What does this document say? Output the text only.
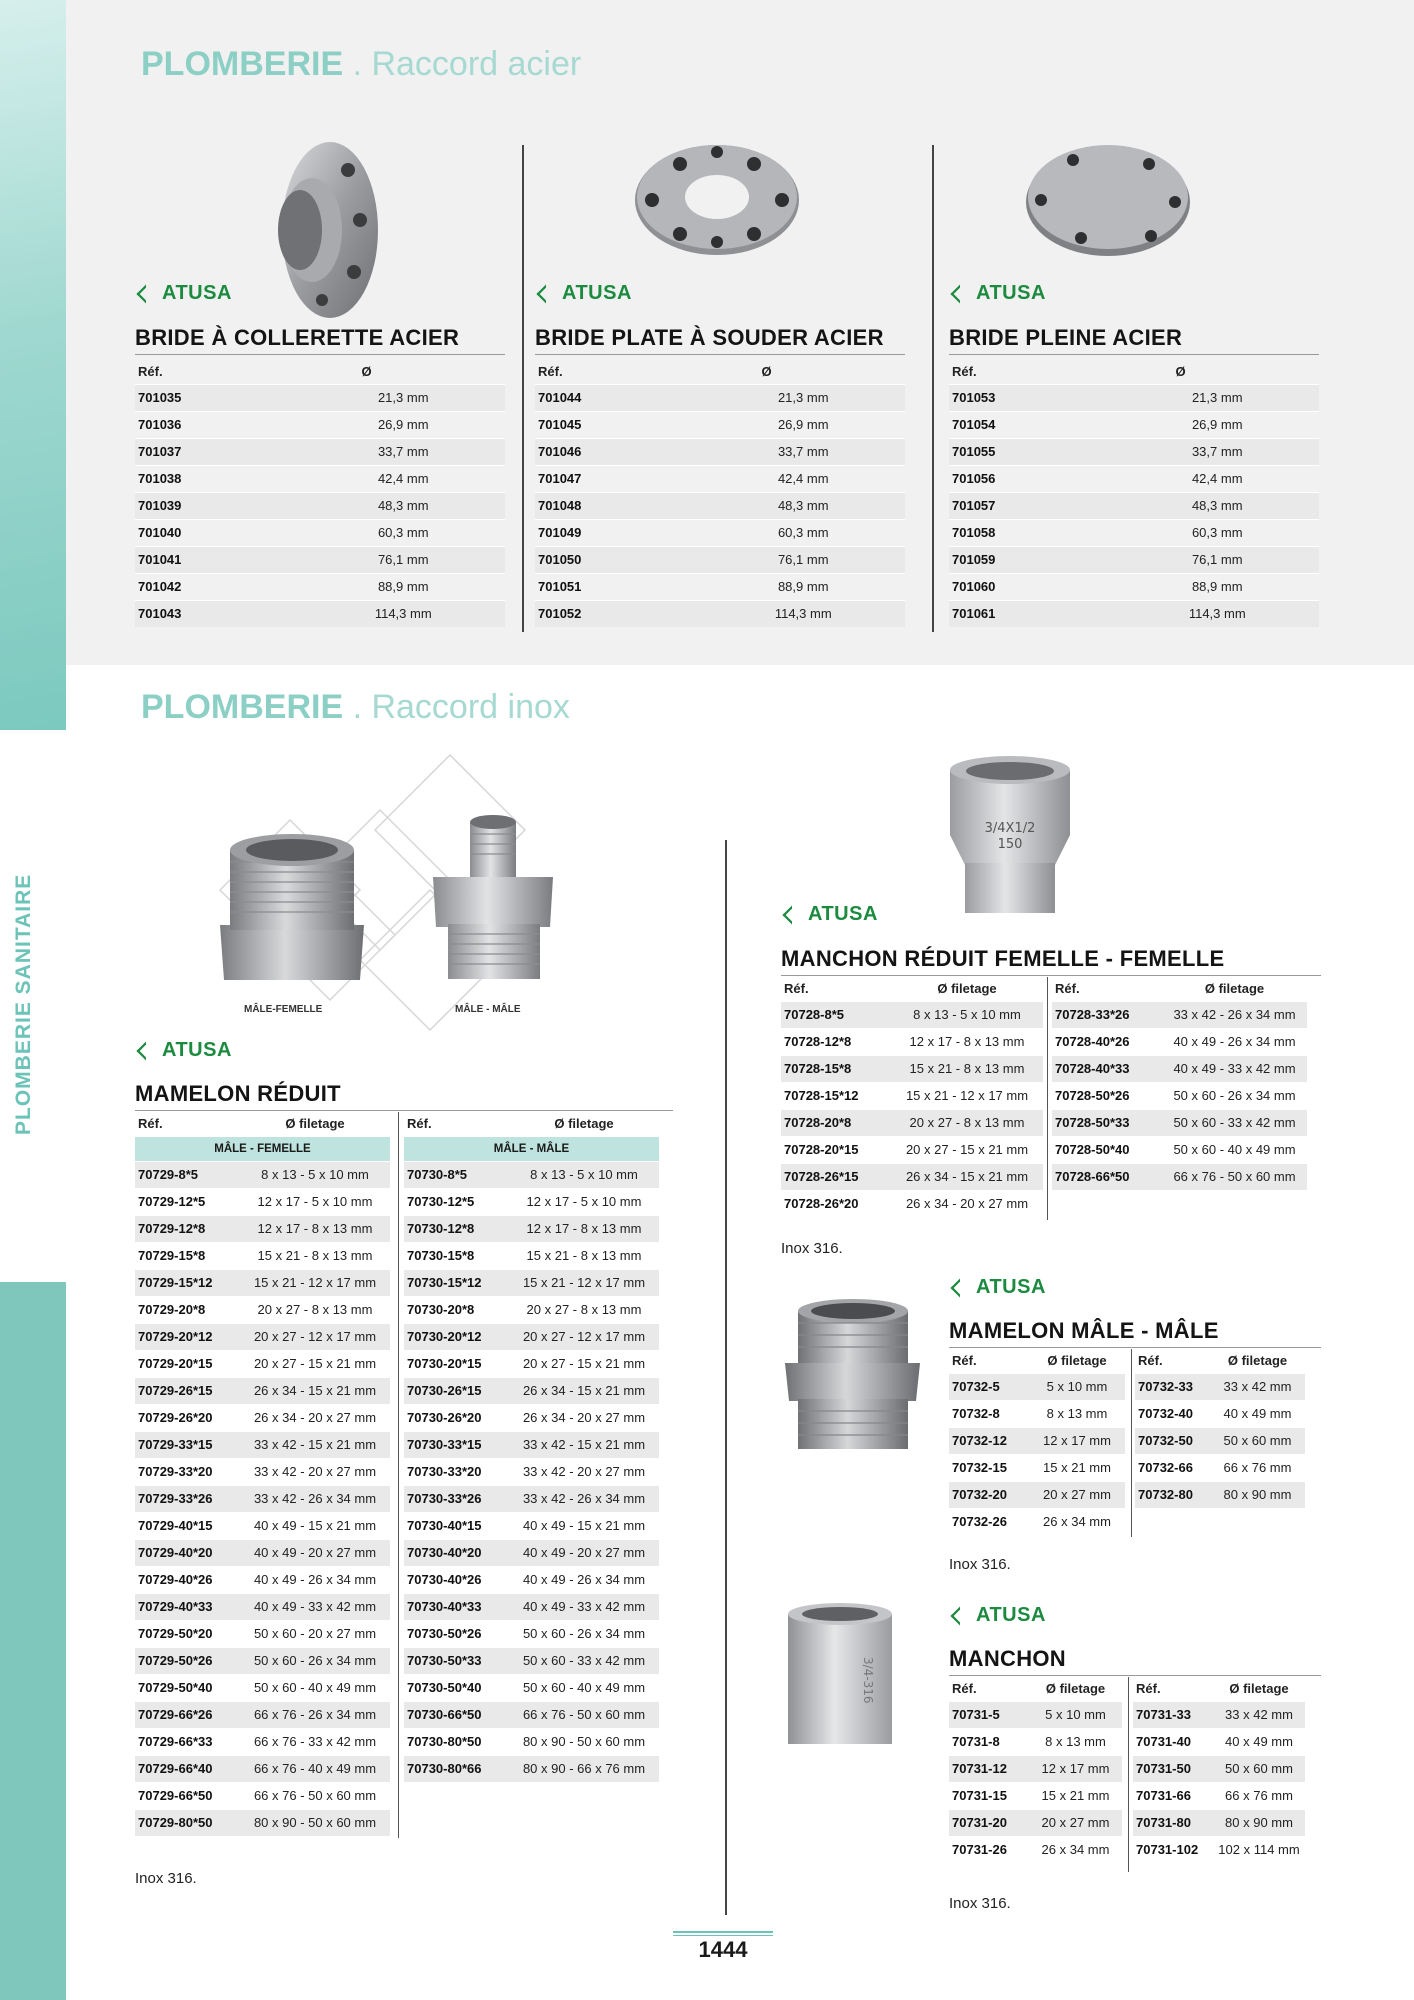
PLOMBERIE SANITAIRE
PLOMBERIE . Raccord acier
PLOMBERIE . Raccord inox
ATUSA	ATUSA	ATUSA
BRIDE À COLLERETTE ACIER	BRIDE PLATE À SOUDER ACIER	BRIDE PLEINE ACIER
Réf.	Ø
701035	21,3 mm
701036	26,9 mm
701037	33,7 mm
701038	42,4 mm
701039	48,3 mm
701040	60,3 mm
701041	76,1 mm
701042	88,9 mm
701043	114,3 mm
Réf.	Ø
701044	21,3 mm
701045	26,9 mm
701046	33,7 mm
701047	42,4 mm
701048	48,3 mm
701049	60,3 mm
701050	76,1 mm
701051	88,9 mm
701052	114,3 mm
Réf.	Ø
701053	21,3 mm
701054	26,9 mm
701055	33,7 mm
701056	42,4 mm
701057	48,3 mm
701058	60,3 mm
701059	76,1 mm
701060	88,9 mm
701061	114,3 mm
MÂLE-FEMELLE	MÂLE - MÂLE
ATUSA
MAMELON RÉDUIT
Réf.	Ø filetage
MÂLE - FEMELLE	
70729-8*5	8 x 13 - 5 x 10 mm
70729-12*5	12 x 17 - 5 x 10 mm
70729-12*8	12 x 17 - 8 x 13 mm
70729-15*8	15 x 21 - 8 x 13 mm
70729-15*12	15 x 21 - 12 x 17 mm
70729-20*8	20 x 27 - 8 x 13 mm
70729-20*12	20 x 27 - 12 x 17 mm
70729-20*15	20 x 27 - 15 x 21 mm
70729-26*15	26 x 34 - 15 x 21 mm
70729-26*20	26 x 34 - 20 x 27 mm
70729-33*15	33 x 42 - 15 x 21 mm
70729-33*20	33 x 42 - 20 x 27 mm
70729-33*26	33 x 42 - 26 x 34 mm
70729-40*15	40 x 49 - 15 x 21 mm
70729-40*20	40 x 49 - 20 x 27 mm
70729-40*26	40 x 49 - 26 x 34 mm
70729-40*33	40 x 49 - 33 x 42 mm
70729-50*20	50 x 60 - 20 x 27 mm
70729-50*26	50 x 60 - 26 x 34 mm
70729-50*40	50 x 60 - 40 x 49 mm
70729-66*26	66 x 76 - 26 x 34 mm
70729-66*33	66 x 76 - 33 x 42 mm
70729-66*40	66 x 76 - 40 x 49 mm
70729-66*50	66 x 76 - 50 x 60 mm
70729-80*50	80 x 90 - 50 x 60 mm
Réf.	Ø filetage
MÂLE - MÂLE	
70730-8*5	8 x 13 - 5 x 10 mm
70730-12*5	12 x 17 - 5 x 10 mm
70730-12*8	12 x 17 - 8 x 13 mm
70730-15*8	15 x 21 - 8 x 13 mm
70730-15*12	15 x 21 - 12 x 17 mm
70730-20*8	20 x 27 - 8 x 13 mm
70730-20*12	20 x 27 - 12 x 17 mm
70730-20*15	20 x 27 - 15 x 21 mm
70730-26*15	26 x 34 - 15 x 21 mm
70730-26*20	26 x 34 - 20 x 27 mm
70730-33*15	33 x 42 - 15 x 21 mm
70730-33*20	33 x 42 - 20 x 27 mm
70730-33*26	33 x 42 - 26 x 34 mm
70730-40*15	40 x 49 - 15 x 21 mm
70730-40*20	40 x 49 - 20 x 27 mm
70730-40*26	40 x 49 - 26 x 34 mm
70730-40*33	40 x 49 - 33 x 42 mm
70730-50*26	50 x 60 - 26 x 34 mm
70730-50*33	50 x 60 - 33 x 42 mm
70730-50*40	50 x 60 - 40 x 49 mm
70730-66*50	66 x 76 - 50 x 60 mm
70730-80*50	80 x 90 - 50 x 60 mm
70730-80*66	80 x 90 - 66 x 76 mm
Inox 316.
3/4X1/2
150
ATUSA
MANCHON RÉDUIT FEMELLE - FEMELLE
Réf.	Ø filetage
70728-8*5	8 x 13 - 5 x 10 mm
70728-12*8	12 x 17 - 8 x 13 mm
70728-15*8	15 x 21 - 8 x 13 mm
70728-15*12	15 x 21 - 12 x 17 mm
70728-20*8	20 x 27 - 8 x 13 mm
70728-20*15	20 x 27 - 15 x 21 mm
70728-26*15	26 x 34 - 15 x 21 mm
70728-26*20	26 x 34 - 20 x 27 mm
Réf.	Ø filetage
70728-33*26	33 x 42 - 26 x 34 mm
70728-40*26	40 x 49 - 26 x 34 mm
70728-40*33	40 x 49 - 33 x 42 mm
70728-50*26	50 x 60 - 26 x 34 mm
70728-50*33	50 x 60 - 33 x 42 mm
70728-50*40	50 x 60 - 40 x 49 mm
70728-66*50	66 x 76 - 50 x 60 mm
Inox 316.
ATUSA
MAMELON MÂLE - MÂLE
Réf.	Ø filetage
70732-5	5 x 10 mm
70732-8	8 x 13 mm
70732-12	12 x 17 mm
70732-15	15 x 21 mm
70732-20	20 x 27 mm
70732-26	26 x 34 mm
Réf.	Ø filetage
70732-33	33 x 42 mm
70732-40	40 x 49 mm
70732-50	50 x 60 mm
70732-66	66 x 76 mm
70732-80	80 x 90 mm
Inox 316.
3/4-316
ATUSA
MANCHON
Réf.	Ø filetage
70731-5	5 x 10 mm
70731-8	8 x 13 mm
70731-12	12 x 17 mm
70731-15	15 x 21 mm
70731-20	20 x 27 mm
70731-26	26 x 34 mm
Réf.	Ø filetage
70731-33	33 x 42 mm
70731-40	40 x 49 mm
70731-50	50 x 60 mm
70731-66	66 x 76 mm
70731-80	80 x 90 mm
70731-102	102 x 114 mm
Inox 316.
1444
